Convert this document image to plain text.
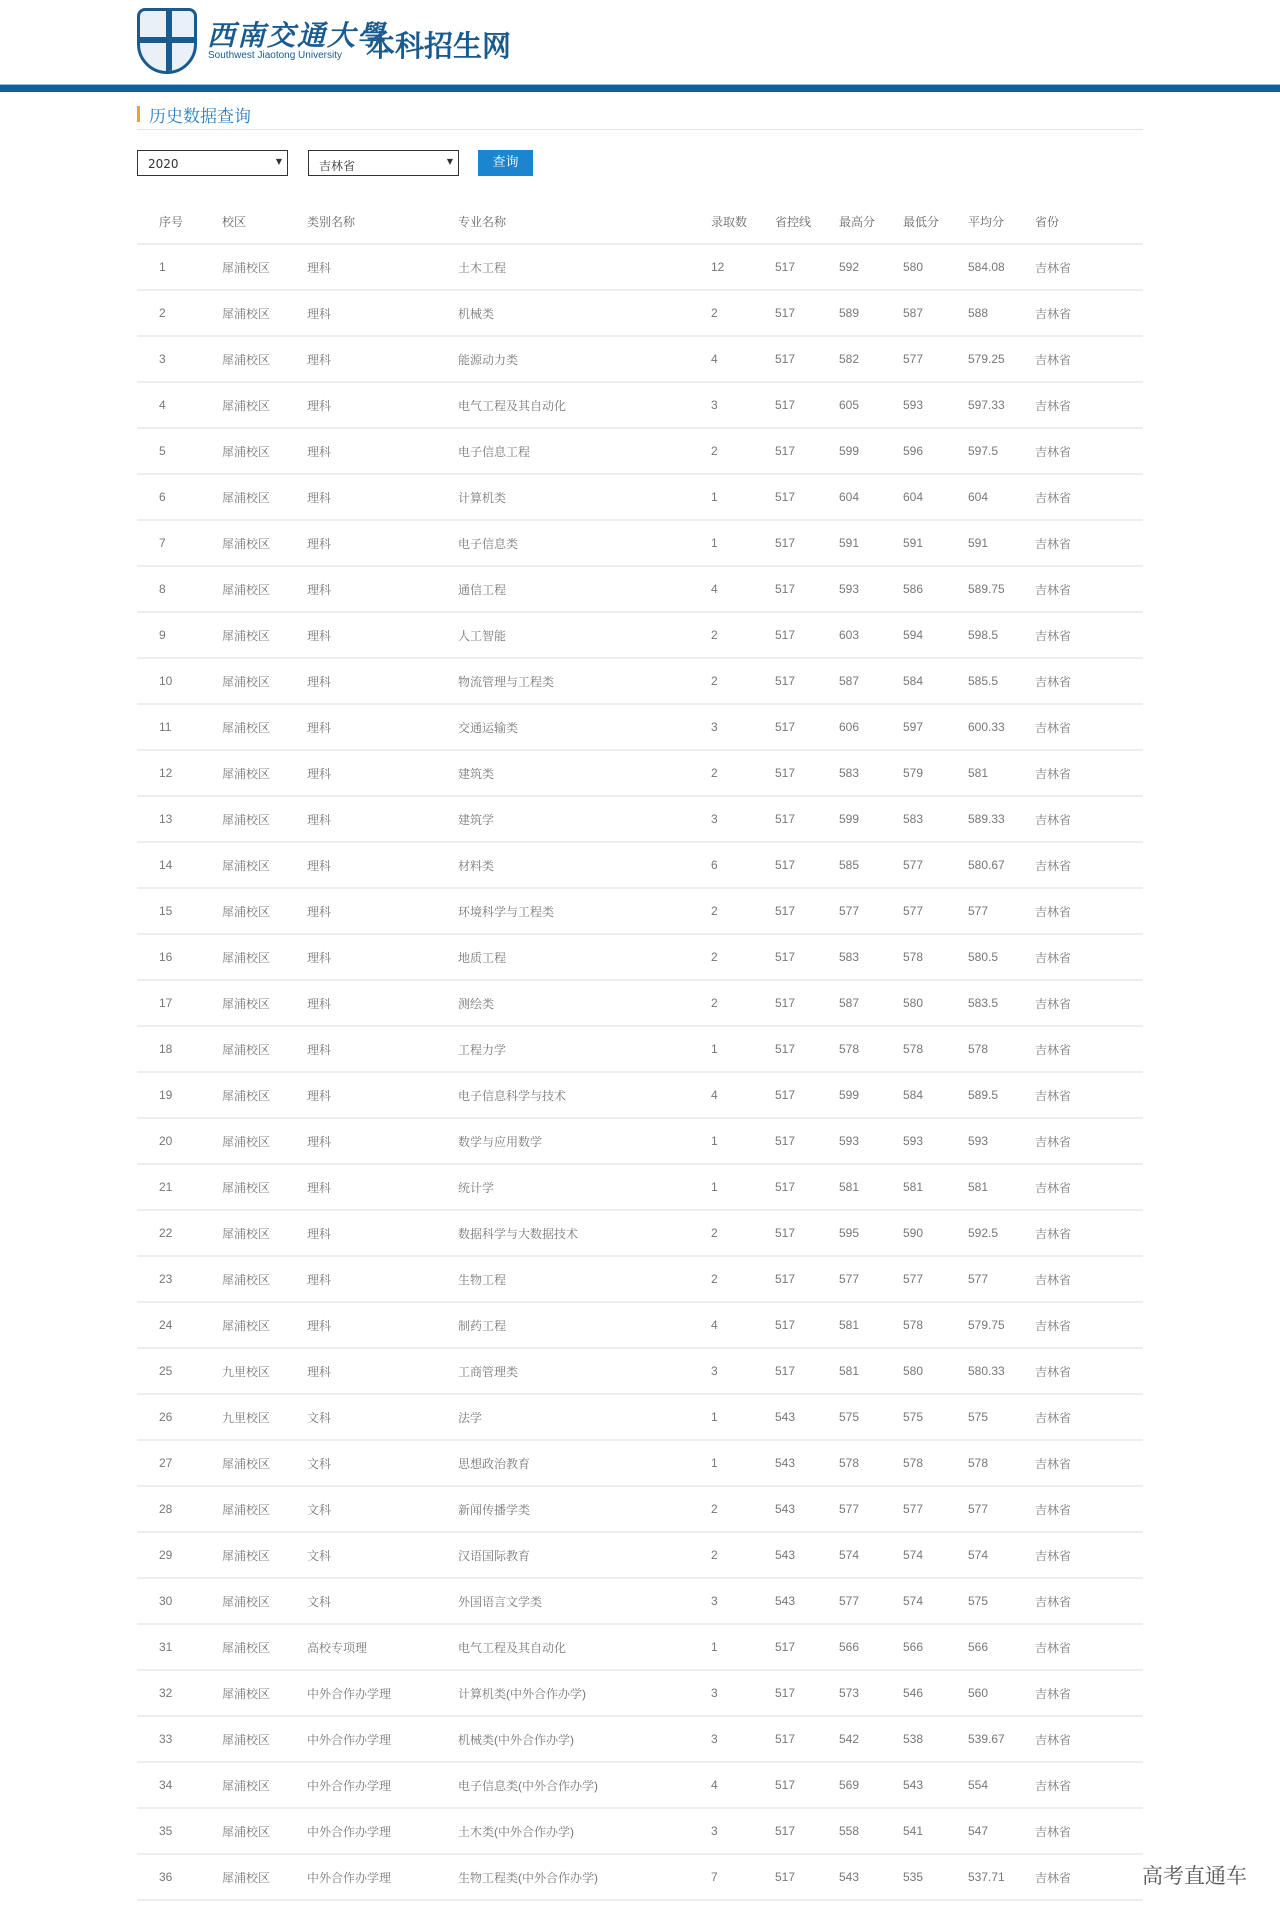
西南交通大學
Southwest Jiaotong University 本科招生网
历史数据查询
2020	▼	吉林省	▼	查询
序号	校区	类别名称	专业名称	录取数	省控线	最高分	最低分	平均分	省份
1	犀浦校区	理科	土木工程	12	517	592	580	584.08	吉林省
2	犀浦校区	理科	机械类	2	517	589	587	588	吉林省
3	犀浦校区	理科	能源动力类	4	517	582	577	579.25	吉林省
4	犀浦校区	理科	电气工程及其自动化	3	517	605	593	597.33	吉林省
5	犀浦校区	理科	电子信息工程	2	517	599	596	597.5	吉林省
6	犀浦校区	理科	计算机类	1	517	604	604	604	吉林省
7	犀浦校区	理科	电子信息类	1	517	591	591	591	吉林省
8	犀浦校区	理科	通信工程	4	517	593	586	589.75	吉林省
9	犀浦校区	理科	人工智能	2	517	603	594	598.5	吉林省
10	犀浦校区	理科	物流管理与工程类	2	517	587	584	585.5	吉林省
11	犀浦校区	理科	交通运输类	3	517	606	597	600.33	吉林省
12	犀浦校区	理科	建筑类	2	517	583	579	581	吉林省
13	犀浦校区	理科	建筑学	3	517	599	583	589.33	吉林省
14	犀浦校区	理科	材料类	6	517	585	577	580.67	吉林省
15	犀浦校区	理科	环境科学与工程类	2	517	577	577	577	吉林省
16	犀浦校区	理科	地质工程	2	517	583	578	580.5	吉林省
17	犀浦校区	理科	测绘类	2	517	587	580	583.5	吉林省
18	犀浦校区	理科	工程力学	1	517	578	578	578	吉林省
19	犀浦校区	理科	电子信息科学与技术	4	517	599	584	589.5	吉林省
20	犀浦校区	理科	数学与应用数学	1	517	593	593	593	吉林省
21	犀浦校区	理科	统计学	1	517	581	581	581	吉林省
22	犀浦校区	理科	数据科学与大数据技术	2	517	595	590	592.5	吉林省
23	犀浦校区	理科	生物工程	2	517	577	577	577	吉林省
24	犀浦校区	理科	制药工程	4	517	581	578	579.75	吉林省
25	九里校区	理科	工商管理类	3	517	581	580	580.33	吉林省
26	九里校区	文科	法学	1	543	575	575	575	吉林省
27	犀浦校区	文科	思想政治教育	1	543	578	578	578	吉林省
28	犀浦校区	文科	新闻传播学类	2	543	577	577	577	吉林省
29	犀浦校区	文科	汉语国际教育	2	543	574	574	574	吉林省
30	犀浦校区	文科	外国语言文学类	3	543	577	574	575	吉林省
31	犀浦校区	高校专项理	电气工程及其自动化	1	517	566	566	566	吉林省
32	犀浦校区	中外合作办学理	计算机类(中外合作办学)	3	517	573	546	560	吉林省
33	犀浦校区	中外合作办学理	机械类(中外合作办学)	3	517	542	538	539.67	吉林省
34	犀浦校区	中外合作办学理	电子信息类(中外合作办学)	4	517	569	543	554	吉林省
35	犀浦校区	中外合作办学理	土木类(中外合作办学)	3	517	558	541	547	吉林省
36	犀浦校区	中外合作办学理	生物工程类(中外合作办学)	7	517	543	535	537.71	吉林省	高考直通车
